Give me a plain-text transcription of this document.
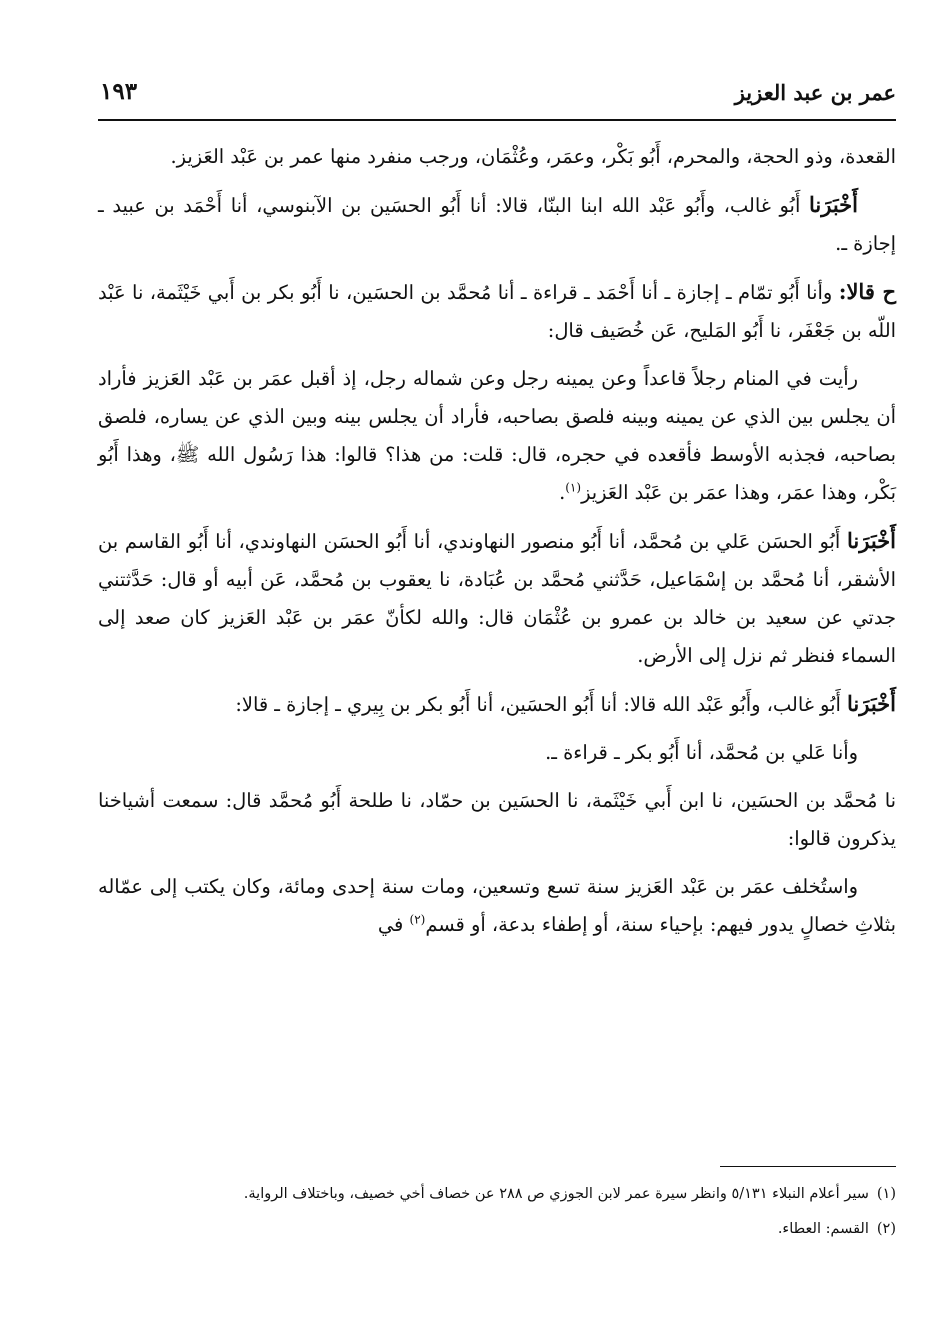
عمر بن عبد العزيز
١٩٣

القعدة، وذو الحجة، والمحرم، أَبُو بَكْر، وعمَر، وعُثْمَان، ورجب منفرد منها عمر بن عَبْد العَزيز.

أَخْبَرَنا أَبُو غالب، وأَبُو عَبْد الله ابنا البنّا، قالا: أنا أَبُو الحسَين بن الآبنوسي، أنا أَحْمَد بن عبيد ـ إجازة ـ.

ح قالا: وأنا أَبُو تمّام ـ إجازة ـ أنا أَحْمَد ـ قراءة ـ أنا مُحمَّد بن الحسَين، نا أَبُو بكر بن أَبي خَيْثَمة، نا عَبْد اللّه بن جَعْفَر، نا أَبُو المَليح، عَن خُصَيف قال:

رأيت في المنام رجلاً قاعداً وعن يمينه رجل وعن شماله رجل، إذ أقبل عمَر بن عَبْد العَزيز فأراد أن يجلس بين الذي عن يمينه وبينه فلصق بصاحبه، فأراد أن يجلس بينه وبين الذي عن يساره، فلصق بصاحبه، فجذبه الأوسط فأقعده في حجره، قال: قلت: من هذا؟ قالوا: هذا رَسُول الله ﷺ، وهذا أَبُو بَكْر، وهذا عمَر، وهذا عمَر بن عَبْد العَزيز$^{(١)}$.

أَخْبَرَنا أَبُو الحسَن عَلي بن مُحمَّد، أنا أَبُو منصور النهاوندي، أنا أَبُو الحسَن النهاوندي، أنا أَبُو القاسم بن الأشقر، أنا مُحمَّد بن إسْمَاعيل، حَدَّثني مُحمَّد بن عُبَادة، نا يعقوب بن مُحمَّد، عَن أبيه أو قال: حَدَّثتني جدتي عن سعيد بن خالد بن عمرو بن عُثْمَان قال: والله لكأنّ عمَر بن عَبْد العَزيز كان صعد إلى السماء فنظر ثم نزل إلى الأرض.

أَخْبَرَنا أَبُو غالب، وأَبُو عَبْد الله قالا: أنا أَبُو الحسَين، أنا أَبُو بكر بن بِيري ـ إجازة ـ قالا:

وأنا عَلي بن مُحمَّد، أنا أَبُو بكر ـ قراءة ـ.

نا مُحمَّد بن الحسَين، نا ابن أَبي خَيْثَمة، نا الحسَين بن حمّاد، نا طلحة أَبُو مُحمَّد قال: سمعت أشياخنا يذكرون قالوا:

واستُخلف عمَر بن عَبْد العَزيز سنة تسع وتسعين، ومات سنة إحدى ومائة، وكان يكتب إلى عمّاله بثلاثِ خصالٍ يدور فيهم: بإحياء سنة، أو إطفاء بدعة، أو قسم$^{(٢)}$ في

(١)سير أعلام النبلاء ٥/١٣١ وانظر سيرة عمر لابن الجوزي ص ٢٨٨ عن خصاف أخي خصيف، وباختلاف الرواية.

(٢)القسم: العطاء.
